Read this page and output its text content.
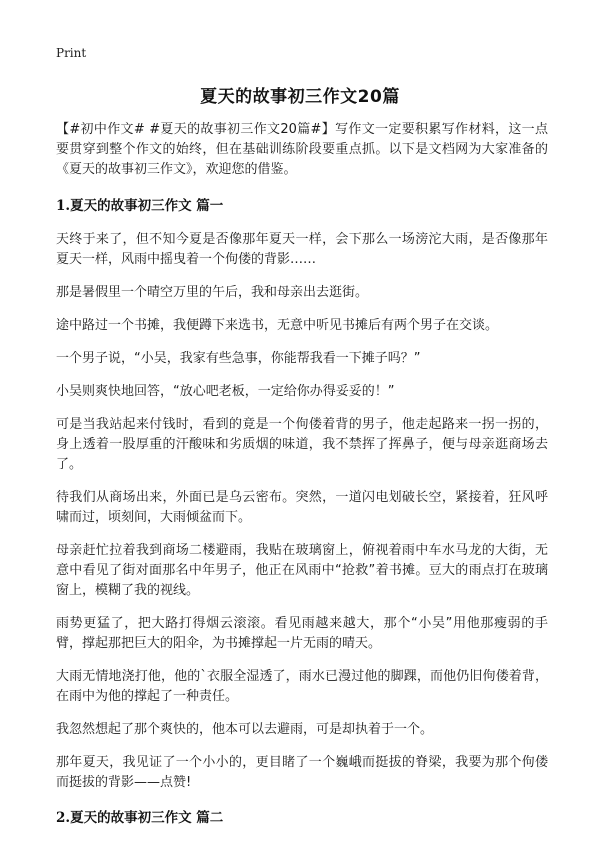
Print
夏天的故事初三作文20篇

【#初中作文# #夏天的故事初三作文20篇#】写作文一定要积累写作材料，这一点要贯穿到整个作文的始终，但在基础训练阶段要重点抓。以下是文档网为大家准备的《夏天的故事初三作文》，欢迎您的借鉴。

1.夏天的故事初三作文 篇一

天终于来了，但不知今夏是否像那年夏天一样，会下那么一场滂沱大雨，是否像那年夏天一样，风雨中摇曳着一个佝偻的背影……

那是暑假里一个晴空万里的午后，我和母亲出去逛街。

途中路过一个书摊，我便蹲下来选书，无意中听见书摊后有两个男子在交谈。

一个男子说，“小吴，我家有些急事，你能帮我看一下摊子吗？”

小吴则爽快地回答，“放心吧老板，一定给你办得妥妥的！”

可是当我站起来付钱时，看到的竟是一个佝偻着背的男子，他走起路来一拐一拐的，身上透着一股厚重的汗酸味和劣质烟的味道，我不禁挥了挥鼻子，便与母亲逛商场去了。

待我们从商场出来，外面已是乌云密布。突然，一道闪电划破长空，紧接着，狂风呼啸而过，顷刻间，大雨倾盆而下。

母亲赶忙拉着我到商场二楼避雨，我贴在玻璃窗上，俯视着雨中车水马龙的大街，无意中看见了街对面那名中年男子，他正在风雨中“抢救”着书摊。豆大的雨点打在玻璃窗上，模糊了我的视线。

雨势更猛了，把大路打得烟云滚滚。看见雨越来越大，那个“小吴”用他那瘦弱的手臂，撑起那把巨大的阳伞，为书摊撑起一片无雨的晴天。

大雨无情地浇打他，他的`衣服全湿透了，雨水已漫过他的脚踝，而他仍旧佝偻着背，在雨中为他的撑起了一种责任。

我忽然想起了那个爽快的，他本可以去避雨，可是却执着于一个。

那年夏天，我见证了一个小小的，更目睹了一个巍峨而挺拔的脊梁，我要为那个佝偻而挺拔的背影——点赞!

2.夏天的故事初三作文 篇二
